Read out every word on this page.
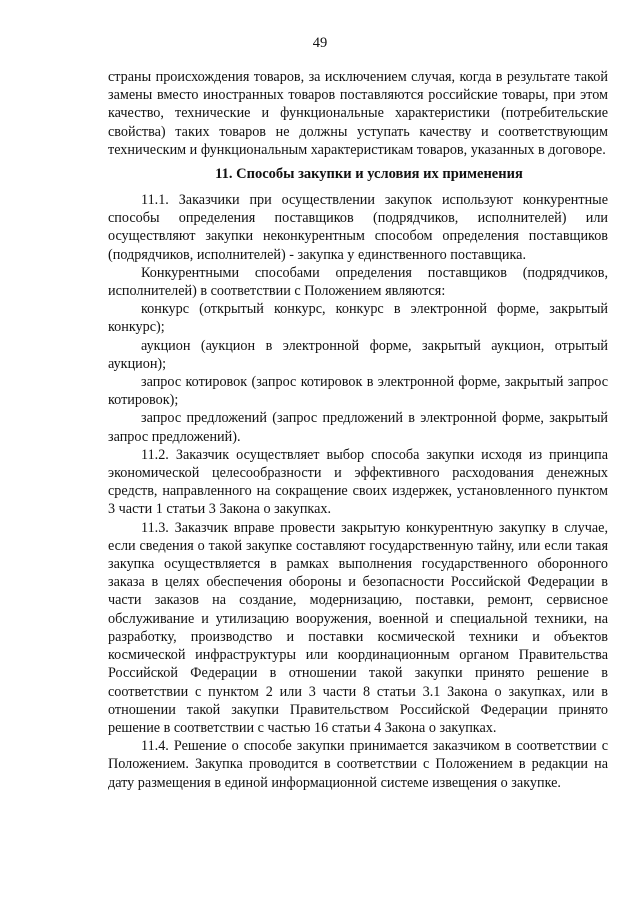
49

страны происхождения товаров, за исключением случая, когда в результате такой замены вместо иностранных товаров поставляются российские товары, при этом качество, технические и функциональные характеристики (потребительские свойства) таких товаров не должны уступать качеству и соответствующим техническим и функциональным характеристикам товаров, указанных в договоре.

11. Способы закупки и условия их применения

11.1. Заказчики при осуществлении закупок используют конкурентные способы определения поставщиков (подрядчиков, исполнителей) или осуществляют закупки неконкурентным способом определения поставщиков (подрядчиков, исполнителей) - закупка у единственного поставщика.

Конкурентными способами определения поставщиков (подрядчиков, исполнителей) в соответствии с Положением являются:

конкурс (открытый конкурс, конкурс в электронной форме, закрытый конкурс);

аукцион (аукцион в электронной форме, закрытый аукцион, отрытый аукцион);

запрос котировок (запрос котировок в электронной форме, закрытый запрос котировок);

запрос предложений (запрос предложений в электронной форме, закрытый запрос предложений).

11.2. Заказчик осуществляет выбор способа закупки исходя из принципа экономической целесообразности и эффективного расходования денежных средств, направленного на сокращение своих издержек, установленного пунктом 3 части 1 статьи 3 Закона о закупках.

11.3. Заказчик вправе провести закрытую конкурентную закупку в случае, если сведения о такой закупке составляют государственную тайну, или если такая закупка осуществляется в рамках выполнения государственного оборонного заказа в целях обеспечения обороны и безопасности Российской Федерации в части заказов на создание, модернизацию, поставки, ремонт, сервисное обслуживание и утилизацию вооружения, военной и специальной техники, на разработку, производство и поставки космической техники и объектов космической инфраструктуры или координационным органом Правительства Российской Федерации в отношении такой закупки принято решение в соответствии с пунктом 2 или 3 части 8 статьи 3.1 Закона о закупках, или в отношении такой закупки Правительством Российской Федерации принято решение в соответствии с частью 16 статьи 4 Закона о закупках.

11.4. Решение о способе закупки принимается заказчиком в соответствии с Положением. Закупка проводится в соответствии с Положением в редакции на дату размещения в единой информационной системе извещения о закупке.
